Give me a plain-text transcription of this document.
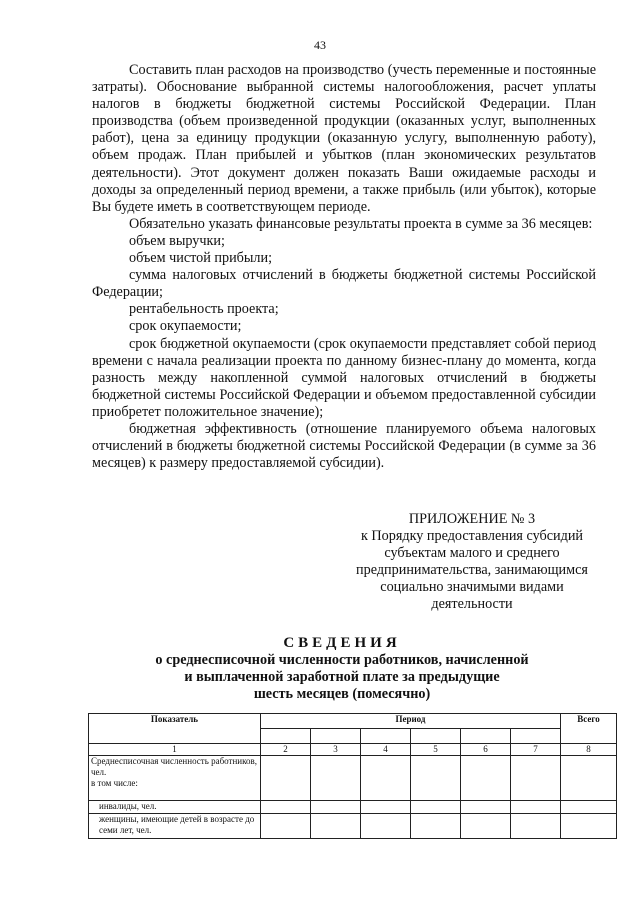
43

Составить план расходов на производство (учесть переменные и постоянные затраты). Обоснование выбранной системы налогообложения, расчет уплаты налогов в бюджеты бюджетной системы Российской Федерации. План производства (объем произведенной продукции (оказанных услуг, выполненных работ), цена за единицу продукции (оказанную услугу, выполненную работу), объем продаж. План прибылей и убытков (план экономических результатов деятельности). Этот документ должен показать Ваши ожидаемые расходы и доходы за определенный период времени, а также прибыль (или убыток), которые Вы будете иметь в соответствующем периоде.

Обязательно указать финансовые результаты проекта в сумме за 36 месяцев:

объем выручки;

объем чистой прибыли;

сумма налоговых отчислений в бюджеты бюджетной системы Российской Федерации;

рентабельность проекта;

срок окупаемости;

срок бюджетной окупаемости (срок окупаемости представляет собой период времени с начала реализации проекта по данному бизнес-плану до момента, когда разность между накопленной суммой налоговых отчислений в бюджеты бюджетной системы Российской Федерации и объемом предоставленной субсидии приобретет положительное значение);

бюджетная эффективность (отношение планируемого объема налоговых отчислений в бюджеты бюджетной системы Российской Федерации (в сумме за 36 месяцев) к размеру предоставляемой субсидии).

ПРИЛОЖЕНИЕ № 3
к Порядку предоставления субсидий
субъектам малого и среднего
предпринимательства, занимающимся
социально значимыми видами
деятельности
СВЕДЕНИЯ
о среднесписочной численности работников, начисленной
и выплаченной заработной плате за предыдущие
шесть месяцев (помесячно)
Показатель	Период						Всего

1	2	3	4	5	6	7	8

Среднесписочная численность работников, чел.
в том числе:							

инвалиды, чел.							
женщины, имеющие детей в возрасте до семи лет, чел.							
